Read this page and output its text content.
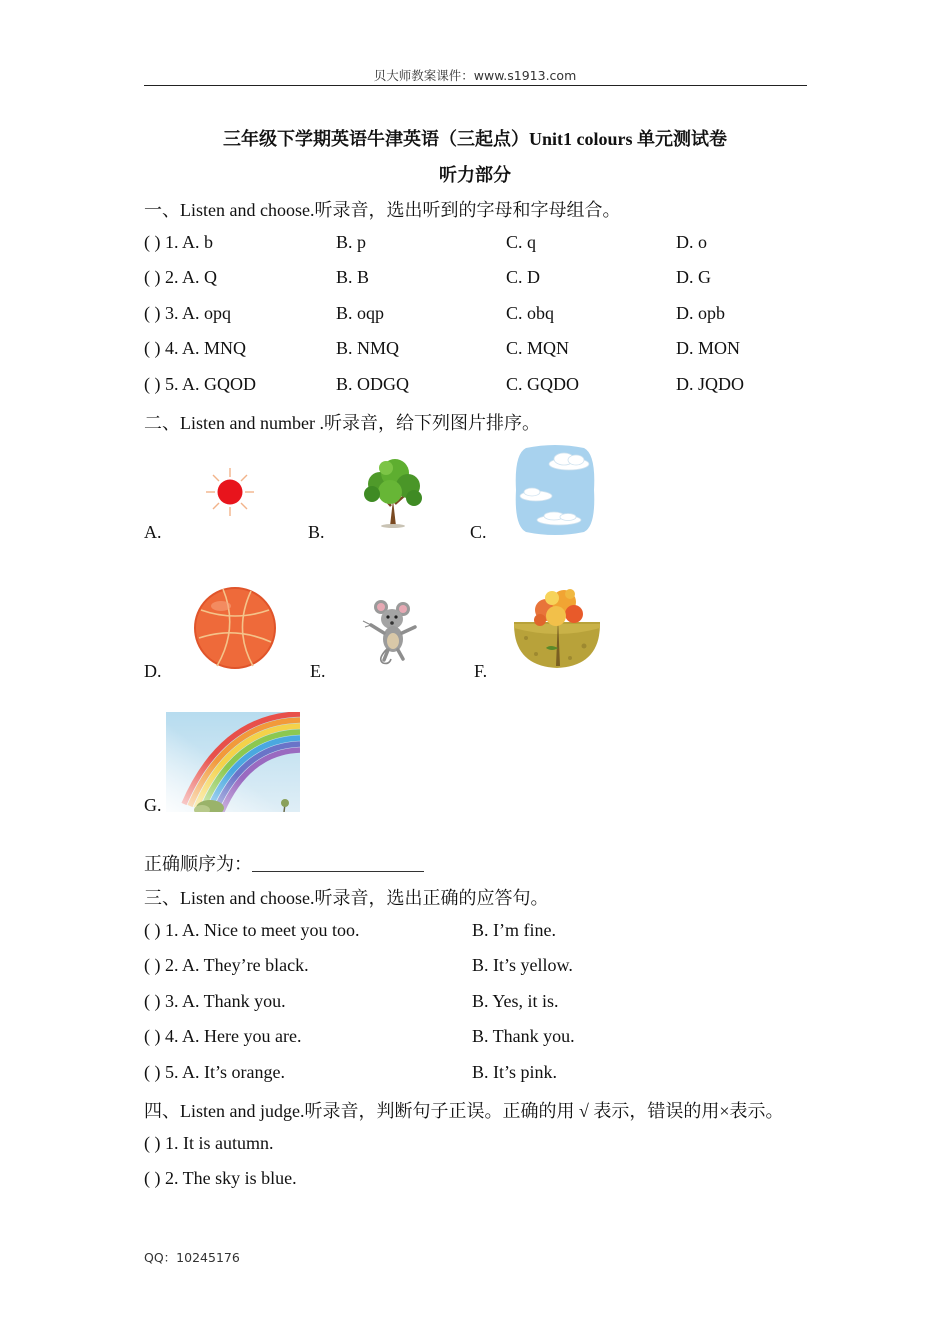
贝大师教案课件：www.s1913.com
三年级下学期英语牛津英语（三起点）Unit1 colours 单元测试卷
听力部分
一、Listen and choose.听录音，选出听到的字母和字母组合。
( ) 1. A. b	B. p	C. q	D. o
( ) 2. A. Q	B. B	C. D	D. G
( ) 3. A. opq	B. oqp	C. obq	D. opb
( ) 4. A. MNQ	B. NMQ	C. MQN	D. MON
( ) 5. A. GQOD	B. ODGQ	C. GQDO	D. JQDO
二、Listen and number .听录音，给下列图片排序。
A.	B.	C.
D.	E.	F.
G.
正确顺序为：
三、Listen and choose.听录音，选出正确的应答句。
( ) 1. A. Nice to meet you too.	B. I’m fine.
( ) 2. A. They’re black.	B. It’s yellow.
( ) 3. A. Thank you.	B. Yes, it is.
( ) 4. A. Here you are.	B. Thank you.
( ) 5. A. It’s orange.	B. It’s pink.
四、Listen and judge.听录音，判断句子正误。正确的用 √ 表示，错误的用×表示。
( ) 1. It is autumn.
( ) 2. The sky is blue.
QQ：10245176
